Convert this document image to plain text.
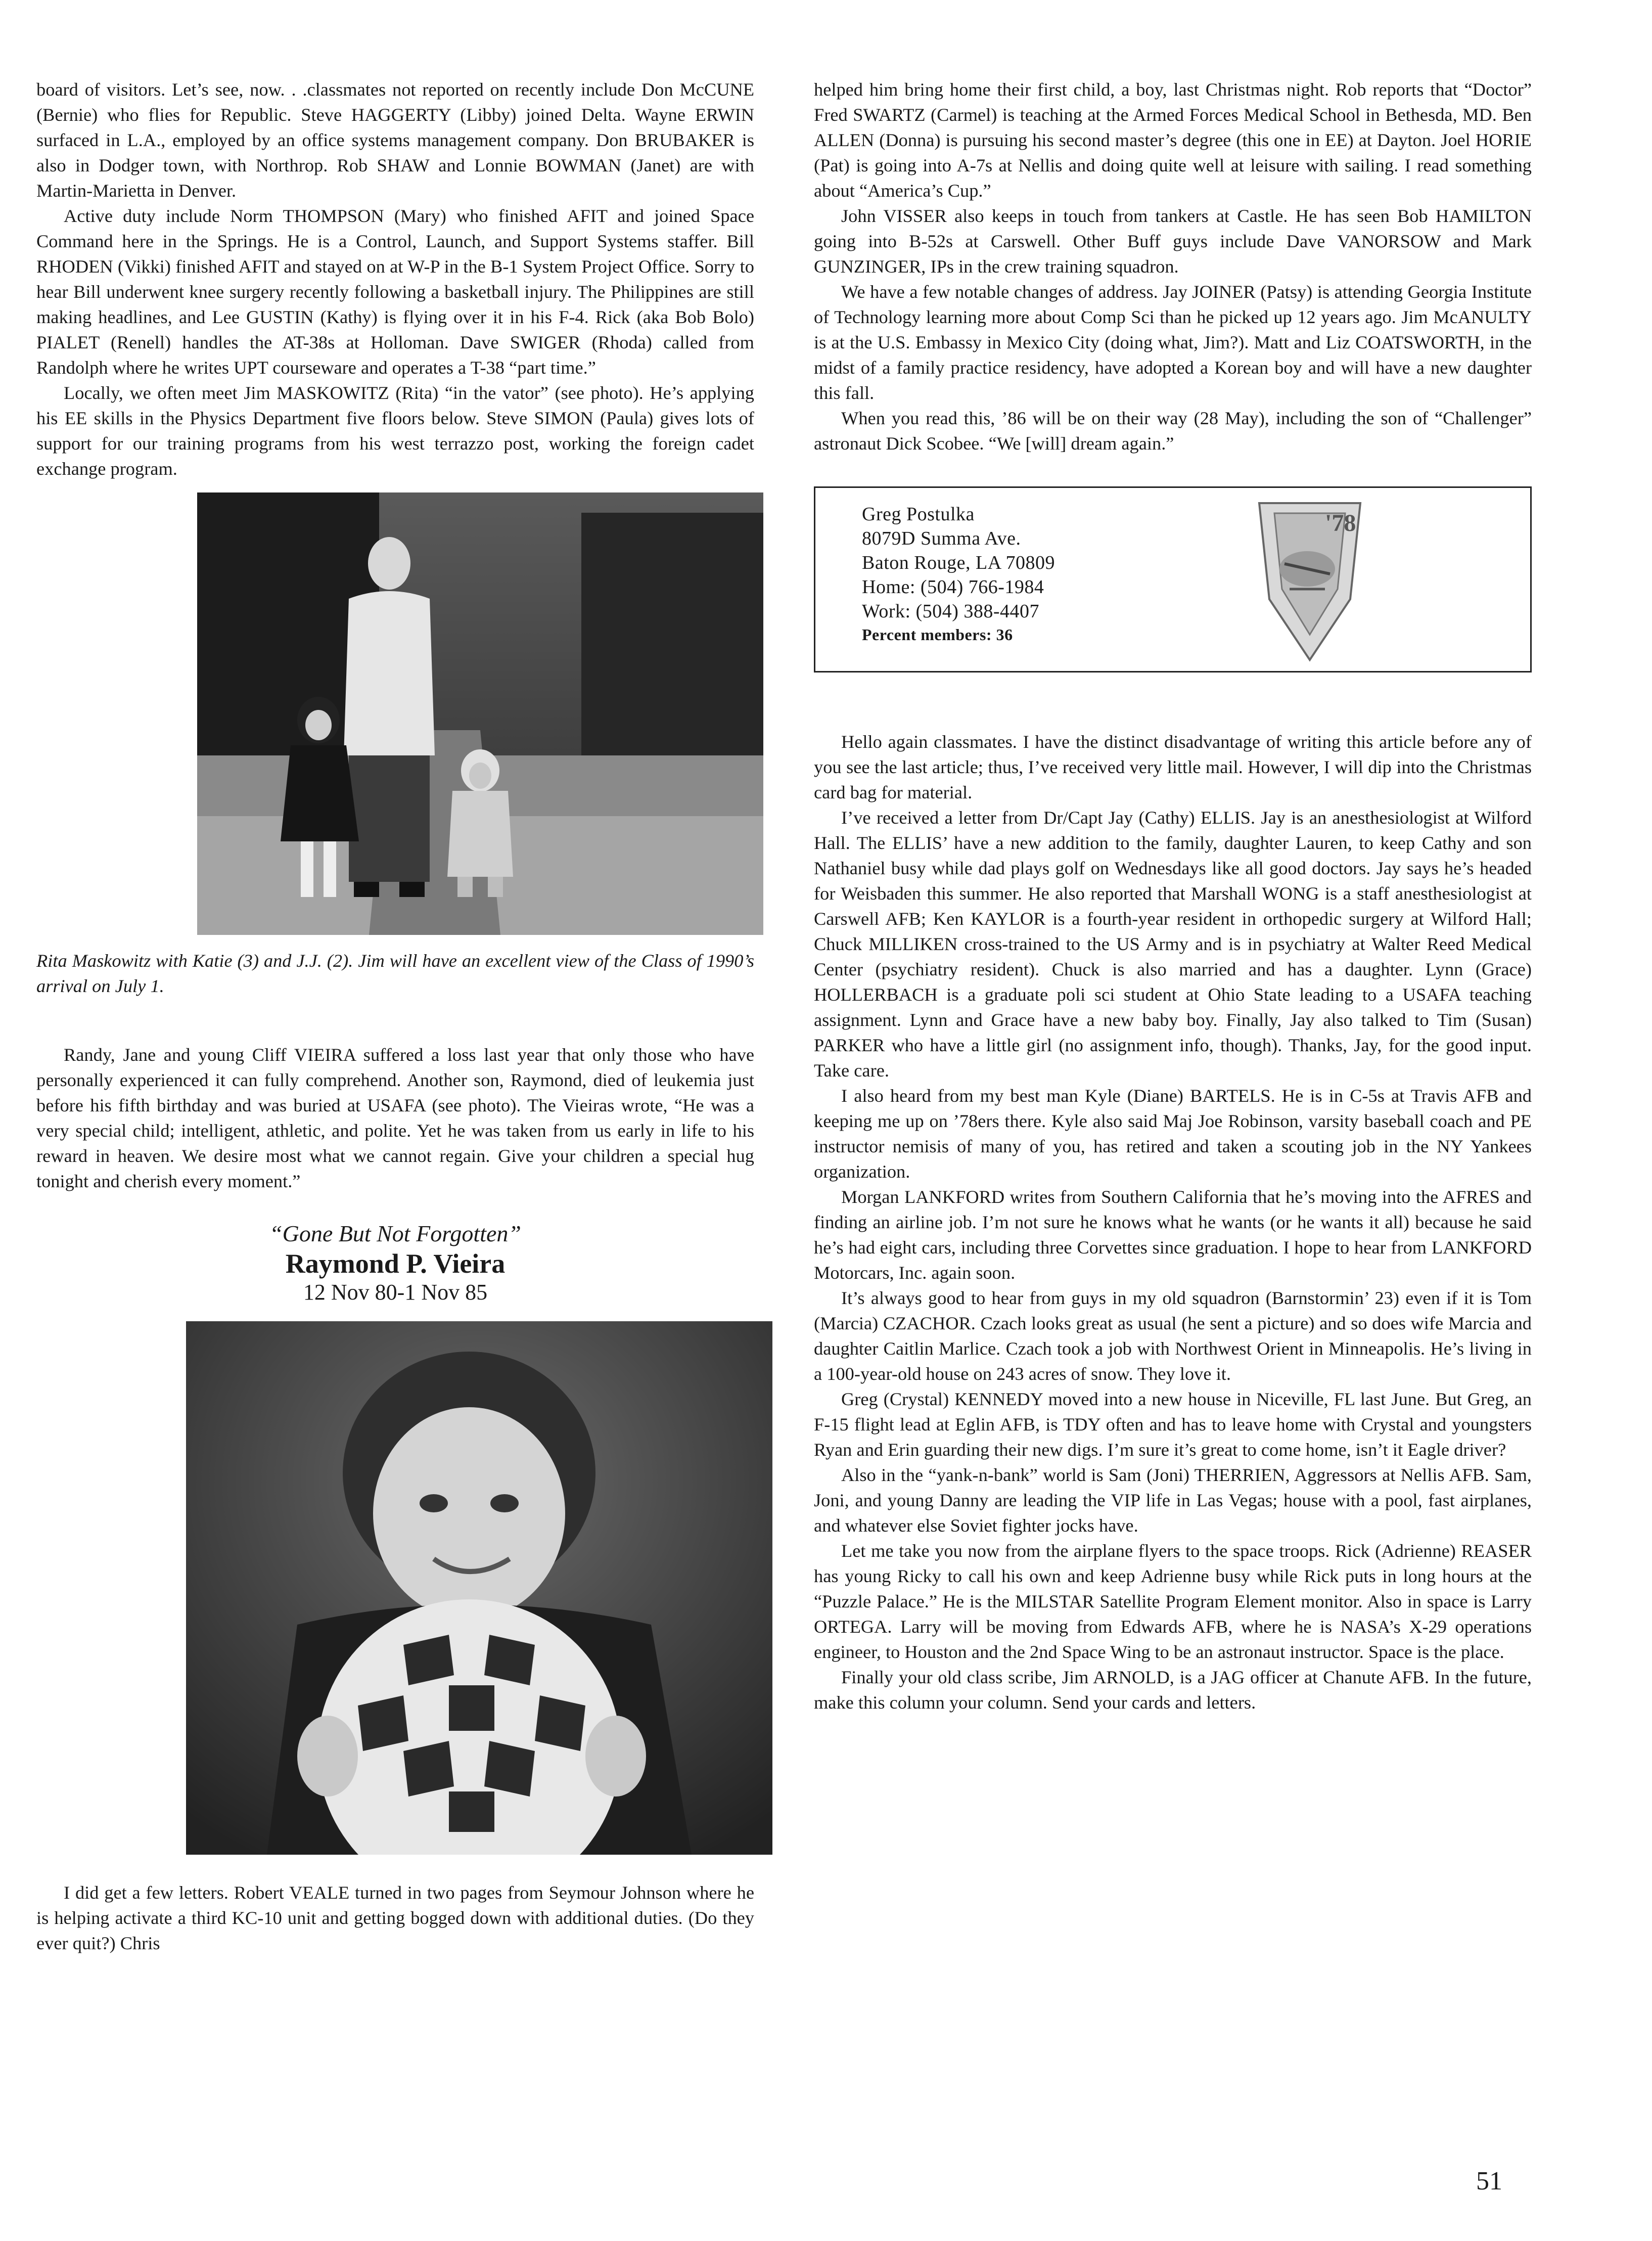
board of visitors. Let’s see, now. . .classmates not reported on recently include Don McCUNE (Bernie) who flies for Republic. Steve HAGGERTY (Libby) joined Delta. Wayne ERWIN surfaced in L.A., employed by an office systems management company. Don BRUBAKER is also in Dodger town, with Northrop. Rob SHAW and Lonnie BOWMAN (Janet) are with Martin-Marietta in Denver.

Active duty include Norm THOMPSON (Mary) who finished AFIT and joined Space Command here in the Springs. He is a Control, Launch, and Support Systems staffer. Bill RHODEN (Vikki) finished AFIT and stayed on at W-P in the B-1 System Project Office. Sorry to hear Bill underwent knee surgery recently following a basketball injury. The Philippines are still making headlines, and Lee GUSTIN (Kathy) is flying over it in his F-4. Rick (aka Bob Bolo) PIALET (Renell) handles the AT-38s at Holloman. Dave SWIGER (Rhoda) called from Randolph where he writes UPT courseware and operates a T-38 “part time.”

Locally, we often meet Jim MASKOWITZ (Rita) “in the vator” (see photo). He’s applying his EE skills in the Physics Department five floors below. Steve SIMON (Paula) gives lots of support for our training programs from his west terrazzo post, working the foreign cadet exchange program.

Rita Maskowitz with Katie (3) and J.J. (2). Jim will have an excellent view of the Class of 1990’s arrival on July 1.

Randy, Jane and young Cliff VIEIRA suffered a loss last year that only those who have personally experienced it can fully comprehend. Another son, Raymond, died of leukemia just before his fifth birthday and was buried at USAFA (see photo). The Vieiras wrote, “He was a very special child; intelligent, athletic, and polite. Yet he was taken from us early in life to his reward in heaven. We desire most what we cannot regain. Give your children a special hug tonight and cherish every moment.”

“Gone But Not Forgotten”
Raymond P. Vieira
12 Nov 80-1 Nov 85

I did get a few letters. Robert VEALE turned in two pages from Seymour Johnson where he is helping activate a third KC-10 unit and getting bogged down with additional duties. (Do they ever quit?) Chris

helped him bring home their first child, a boy, last Christmas night. Rob reports that “Doctor” Fred SWARTZ (Carmel) is teaching at the Armed Forces Medical School in Bethesda, MD. Ben ALLEN (Donna) is pursuing his second master’s degree (this one in EE) at Dayton. Joel HORIE (Pat) is going into A-7s at Nellis and doing quite well at leisure with sailing. I read something about “America’s Cup.”

John VISSER also keeps in touch from tankers at Castle. He has seen Bob HAMILTON going into B-52s at Carswell. Other Buff guys include Dave VANORSOW and Mark GUNZINGER, IPs in the crew training squadron.

We have a few notable changes of address. Jay JOINER (Patsy) is attending Georgia Institute of Technology learning more about Comp Sci than he picked up 12 years ago. Jim McANULTY is at the U.S. Embassy in Mexico City (doing what, Jim?). Matt and Liz COATSWORTH, in the midst of a family practice residency, have adopted a Korean boy and will have a new daughter this fall.

When you read this, ’86 will be on their way (28 May), including the son of “Challenger” astronaut Dick Scobee. “We [will] dream again.”

Greg Postulka
8079D Summa Ave.
Baton Rouge, LA 70809
Home: (504) 766-1984
Work: (504) 388-4407
Percent members: 36
'78

Hello again classmates. I have the distinct disadvantage of writing this article before any of you see the last article; thus, I’ve received very little mail. However, I will dip into the Christmas card bag for material.

I’ve received a letter from Dr/Capt Jay (Cathy) ELLIS. Jay is an anesthesiologist at Wilford Hall. The ELLIS’ have a new addition to the family, daughter Lauren, to keep Cathy and son Nathaniel busy while dad plays golf on Wednesdays like all good doctors. Jay says he’s headed for Weisbaden this summer. He also reported that Marshall WONG is a staff anesthesiologist at Carswell AFB; Ken KAYLOR is a fourth-year resident in orthopedic surgery at Wilford Hall; Chuck MILLIKEN cross-trained to the US Army and is in psychiatry at Walter Reed Medical Center (psychiatry resident). Chuck is also married and has a daughter. Lynn (Grace) HOLLERBACH is a graduate poli sci student at Ohio State leading to a USAFA teaching assignment. Lynn and Grace have a new baby boy. Finally, Jay also talked to Tim (Susan) PARKER who have a little girl (no assignment info, though). Thanks, Jay, for the good input. Take care.

I also heard from my best man Kyle (Diane) BARTELS. He is in C-5s at Travis AFB and keeping me up on ’78ers there. Kyle also said Maj Joe Robinson, varsity baseball coach and PE instructor nemisis of many of you, has retired and taken a scouting job in the NY Yankees organization.

Morgan LANKFORD writes from Southern California that he’s moving into the AFRES and finding an airline job. I’m not sure he knows what he wants (or he wants it all) because he said he’s had eight cars, including three Corvettes since graduation. I hope to hear from LANKFORD Motorcars, Inc. again soon.

It’s always good to hear from guys in my old squadron (Barnstormin’ 23) even if it is Tom (Marcia) CZACHOR. Czach looks great as usual (he sent a picture) and so does wife Marcia and daughter Caitlin Marlice. Czach took a job with Northwest Orient in Minneapolis. He’s living in a 100-year-old house on 243 acres of snow. They love it.

Greg (Crystal) KENNEDY moved into a new house in Niceville, FL last June. But Greg, an F-15 flight lead at Eglin AFB, is TDY often and has to leave home with Crystal and youngsters Ryan and Erin guarding their new digs. I’m sure it’s great to come home, isn’t it Eagle driver?

Also in the “yank-n-bank” world is Sam (Joni) THERRIEN, Aggressors at Nellis AFB. Sam, Joni, and young Danny are leading the VIP life in Las Vegas; house with a pool, fast airplanes, and whatever else Soviet fighter jocks have.

Let me take you now from the airplane flyers to the space troops. Rick (Adrienne) REASER has young Ricky to call his own and keep Adrienne busy while Rick puts in long hours at the “Puzzle Palace.” He is the MILSTAR Satellite Program Element monitor. Also in space is Larry ORTEGA. Larry will be moving from Edwards AFB, where he is NASA’s X-29 operations engineer, to Houston and the 2nd Space Wing to be an astronaut instructor. Space is the place.

Finally your old class scribe, Jim ARNOLD, is a JAG officer at Chanute AFB. In the future, make this column your column. Send your cards and letters.

51
